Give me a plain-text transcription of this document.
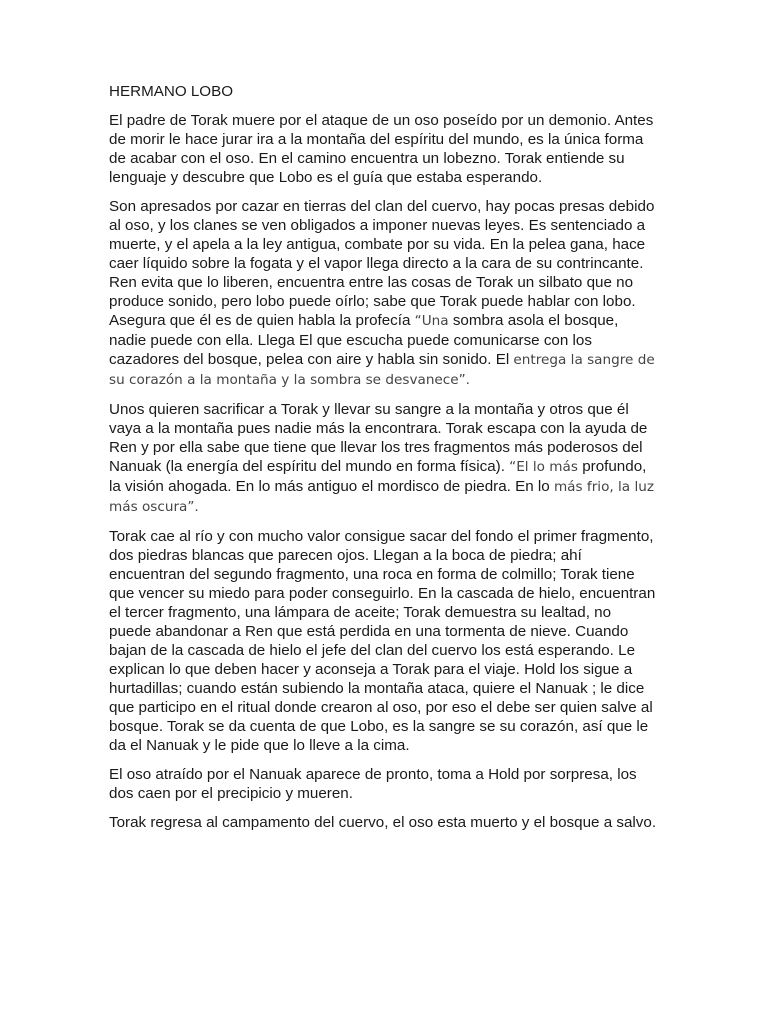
HERMANO LOBO

El padre de Torak muere por el ataque de un oso poseído por un demonio. Antes de morir le hace jurar ira a la montaña del espíritu del mundo, es la única forma de acabar con el oso. En el camino encuentra un lobezno. Torak entiende su lenguaje y descubre que Lobo es el guía que estaba esperando.

Son apresados por cazar en tierras del clan del cuervo, hay pocas presas debido al oso, y los clanes se ven obligados a imponer nuevas leyes. Es sentenciado a muerte, y el apela a la ley antigua, combate por su vida. En la pelea gana, hace caer líquido sobre la fogata y el vapor llega directo a la cara de su contrincante. Ren evita que lo liberen, encuentra entre las cosas de Torak un silbato que no produce sonido, pero lobo puede oírlo; sabe que Torak puede hablar con lobo. Asegura que él es de quien habla la profecía “Una sombra asola el bosque, nadie puede con ella. Llega El que escucha puede comunicarse con los cazadores del bosque, pelea con aire y habla sin sonido. El entrega la sangre de su corazón a la montaña y la sombra se desvanece”.

Unos quieren sacrificar a Torak y llevar su sangre a la montaña y otros que él vaya a la montaña pues nadie más la encontrara. Torak escapa con la ayuda de Ren y por ella sabe que tiene que llevar los tres fragmentos más poderosos del Nanuak (la energía del espíritu del mundo en forma física). “El lo más profundo, la visión ahogada. En lo más antiguo el mordisco de piedra. En lo más frio, la luz más oscura”.

Torak cae al río y con mucho valor consigue sacar del fondo el primer fragmento, dos piedras blancas que parecen ojos. Llegan a la boca de piedra; ahí encuentran del segundo fragmento, una roca en forma de colmillo; Torak tiene que vencer su miedo para poder conseguirlo. En la cascada de hielo, encuentran el tercer fragmento, una lámpara de aceite; Torak demuestra su lealtad, no puede abandonar a Ren que está perdida en una tormenta de nieve. Cuando bajan de la cascada de hielo el jefe del clan del cuervo los está esperando. Le explican lo que deben hacer y aconseja a Torak para el viaje. Hold los sigue a hurtadillas; cuando están subiendo la montaña ataca, quiere el Nanuak ; le dice que participo en el ritual donde crearon al oso, por eso el debe ser quien salve al bosque. Torak se da cuenta de que Lobo, es la sangre se su corazón, así que le da el Nanuak y le pide que lo lleve a la cima.

El oso atraído por el Nanuak aparece de pronto, toma a Hold por sorpresa, los dos caen por el precipicio y mueren.

Torak regresa al campamento del cuervo, el oso esta muerto y el bosque a salvo.
